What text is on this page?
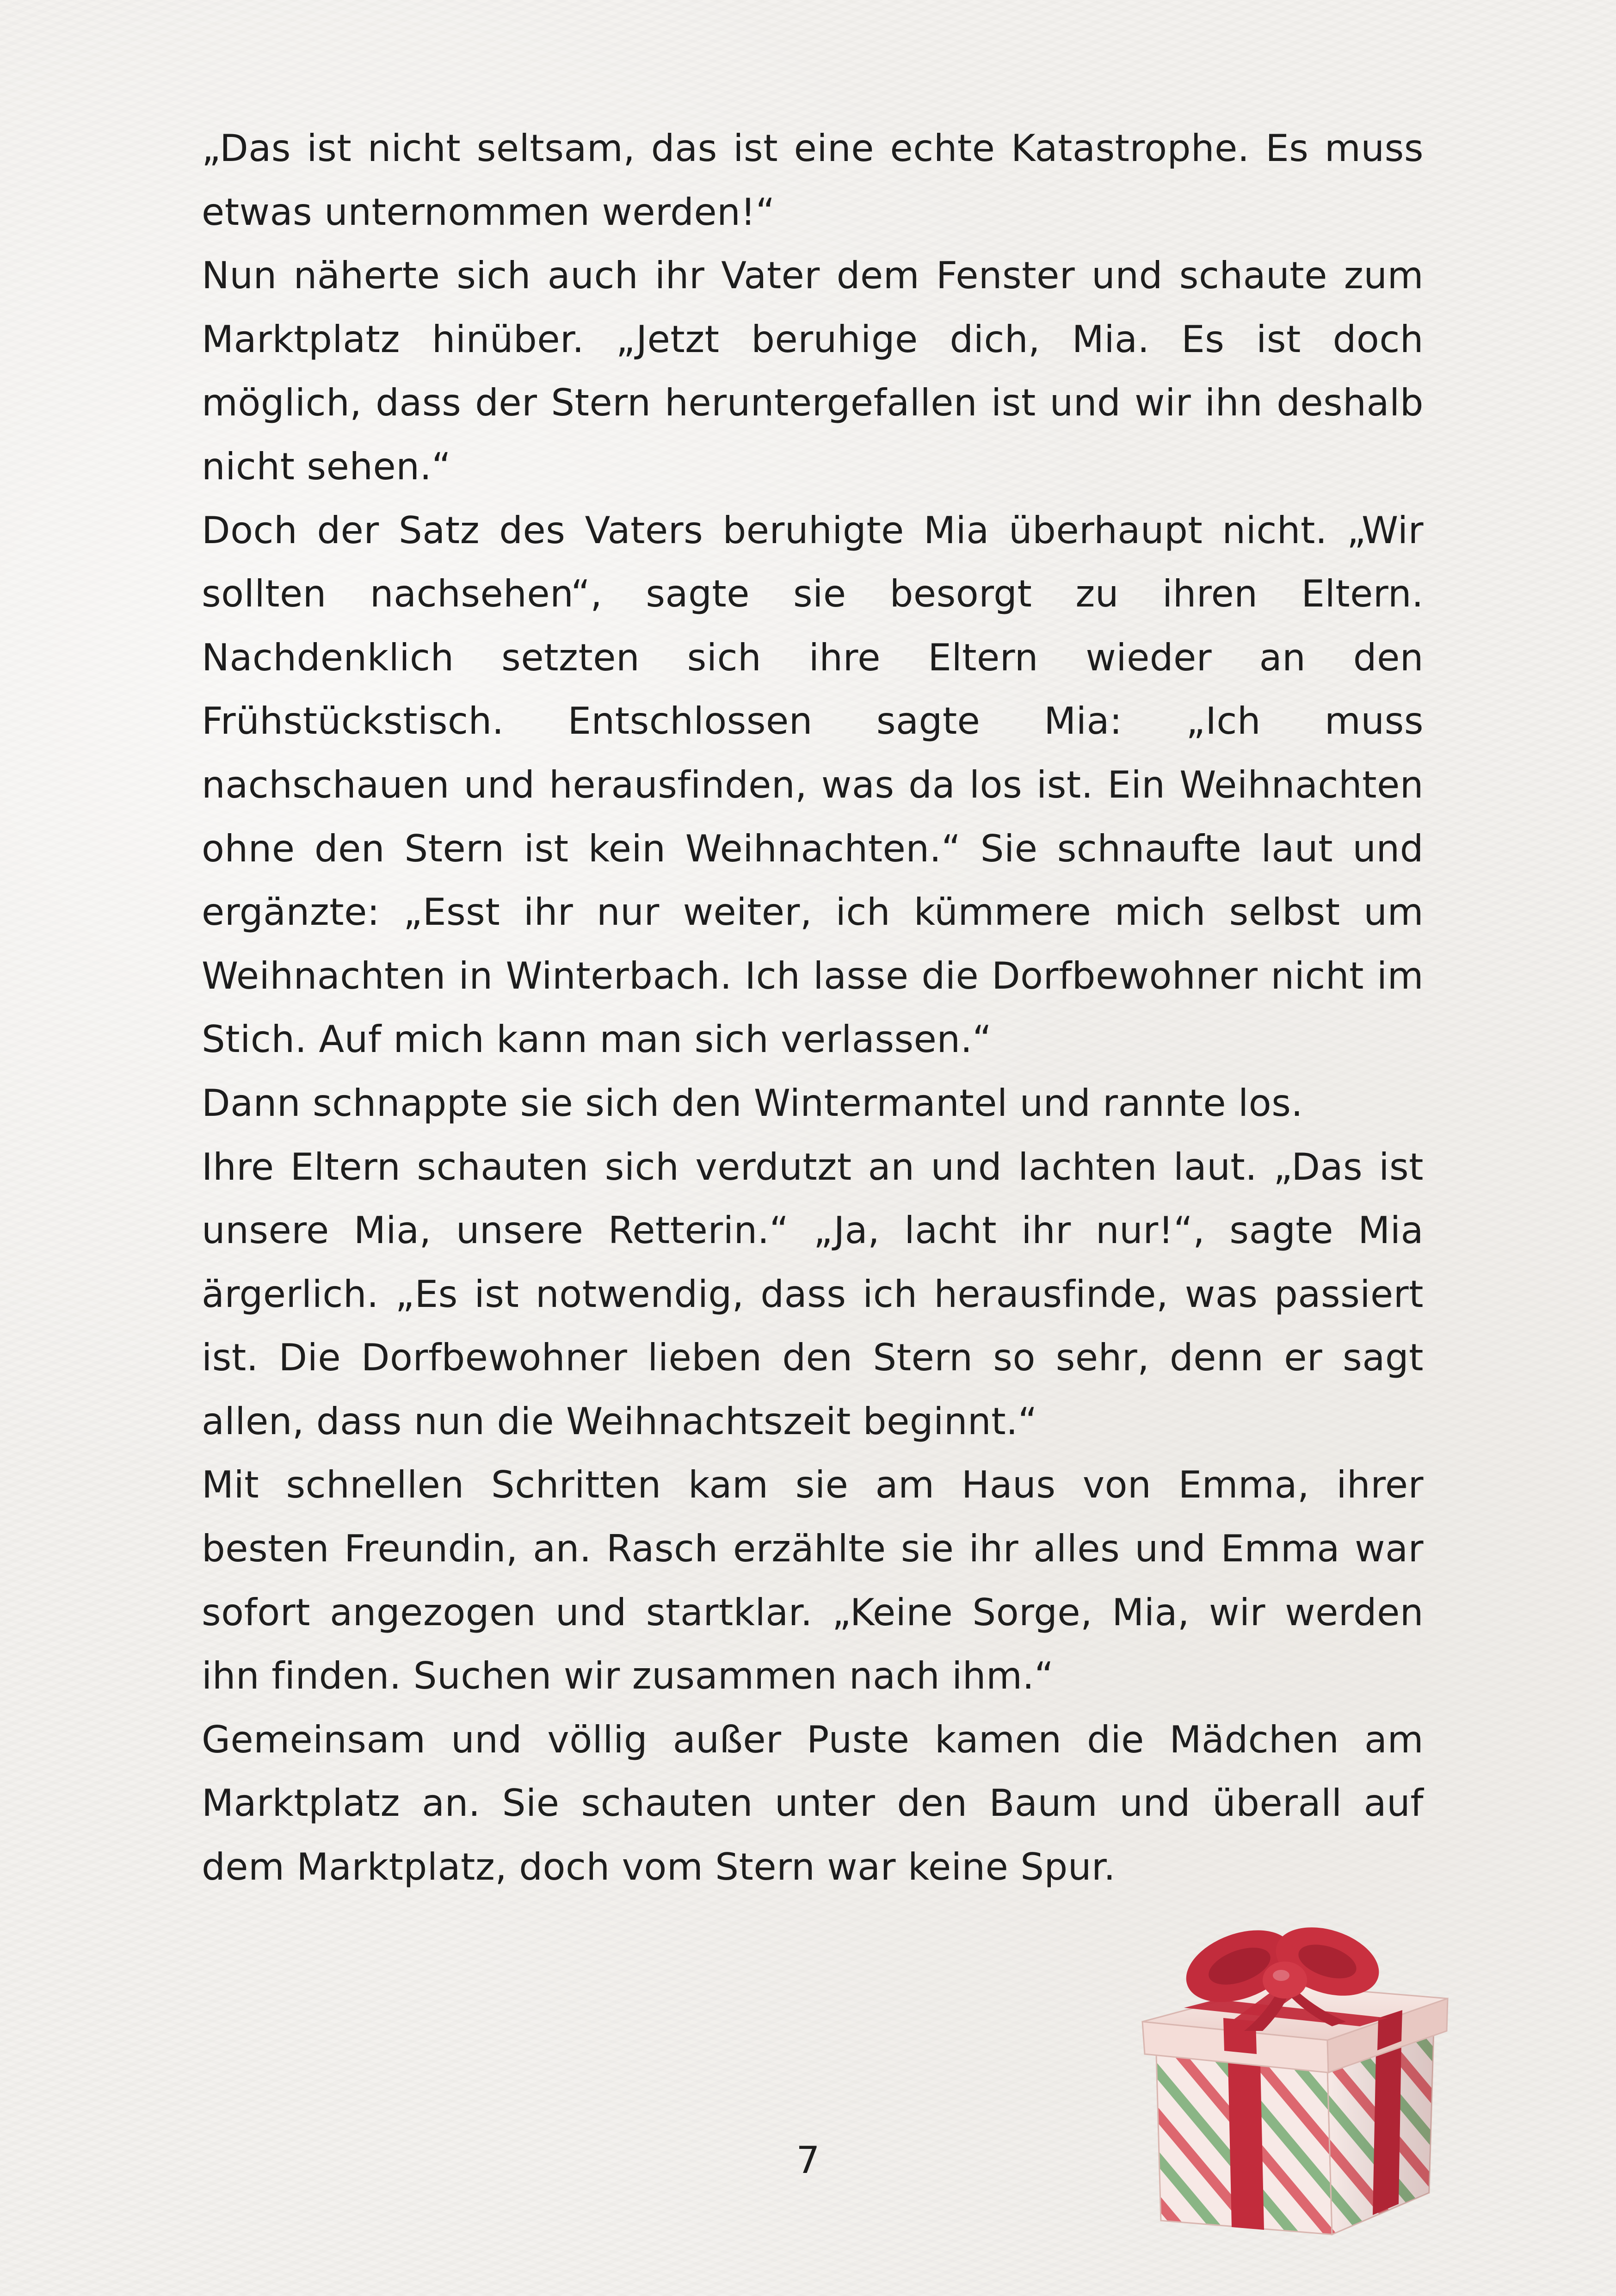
„Das ist nicht seltsam, das ist eine echte Katastrophe. Es muss etwas unternommen werden!“

Nun näherte sich auch ihr Vater dem Fenster und schaute zum Marktplatz hinüber. „Jetzt beruhige dich, Mia. Es ist doch möglich, dass der Stern heruntergefallen ist und wir ihn deshalb nicht sehen.“

Doch der Satz des Vaters beruhigte Mia überhaupt nicht. „Wir sollten nachsehen“, sagte sie besorgt zu ihren Eltern. Nachdenklich setzten sich ihre Eltern wieder an den Frühstückstisch. Entschlossen sagte Mia: „Ich muss nachschauen und herausfinden, was da los ist. Ein Weihnachten ohne den Stern ist kein Weihnachten.“ Sie schnaufte laut und ergänzte: „Esst ihr nur weiter, ich kümmere mich selbst um Weihnachten in Winterbach. Ich lasse die Dorfbewohner nicht im Stich. Auf mich kann man sich verlassen.“

Dann schnappte sie sich den Wintermantel und rannte los.

Ihre Eltern schauten sich verdutzt an und lachten laut. „Das ist unsere Mia, unsere Retterin.“ „Ja, lacht ihr nur!“, sagte Mia ärgerlich. „Es ist notwendig, dass ich herausfinde, was passiert ist. Die Dorfbewohner lieben den Stern so sehr, denn er sagt allen, dass nun die Weihnachtszeit beginnt.“

Mit schnellen Schritten kam sie am Haus von Emma, ihrer besten Freundin, an. Rasch erzählte sie ihr alles und Emma war sofort angezogen und startklar. „Keine Sorge, Mia, wir werden ihn finden. Suchen wir zusammen nach ihm.“

Gemeinsam und völlig außer Puste kamen die Mädchen am Marktplatz an. Sie schauten unter den Baum und überall auf dem Marktplatz, doch vom Stern war keine Spur.

7
